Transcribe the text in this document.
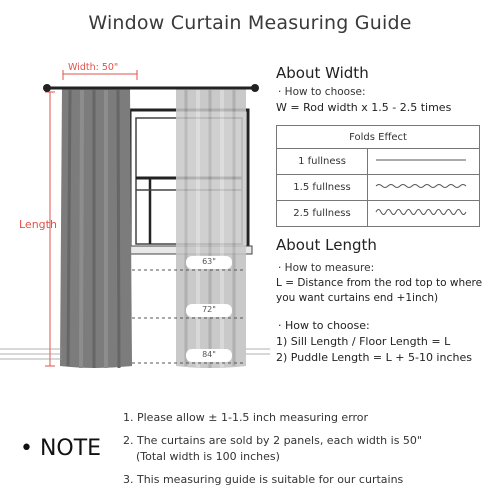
Window Curtain Measuring Guide
Width: 50"
Length
63"
72"
84"
About Width
· How to choose:
W = Rod width x 1.5 - 2.5 times
Folds Effect	
1 fullness	
1.5 fullness	
2.5 fullness	
About Length
· How to measure:
L = Distance from the rod top to where
you want curtains end +1inch)
· How to choose:
1) Sill Length / Floor Length = L
2) Puddle Length = L + 5-10 inches
• NOTE
1. Please allow ± 1-1.5 inch measuring error
2. The curtains are sold by 2 panels, each width is 50"
(Total width is 100 inches)
3. This measuring guide is suitable for our curtains
